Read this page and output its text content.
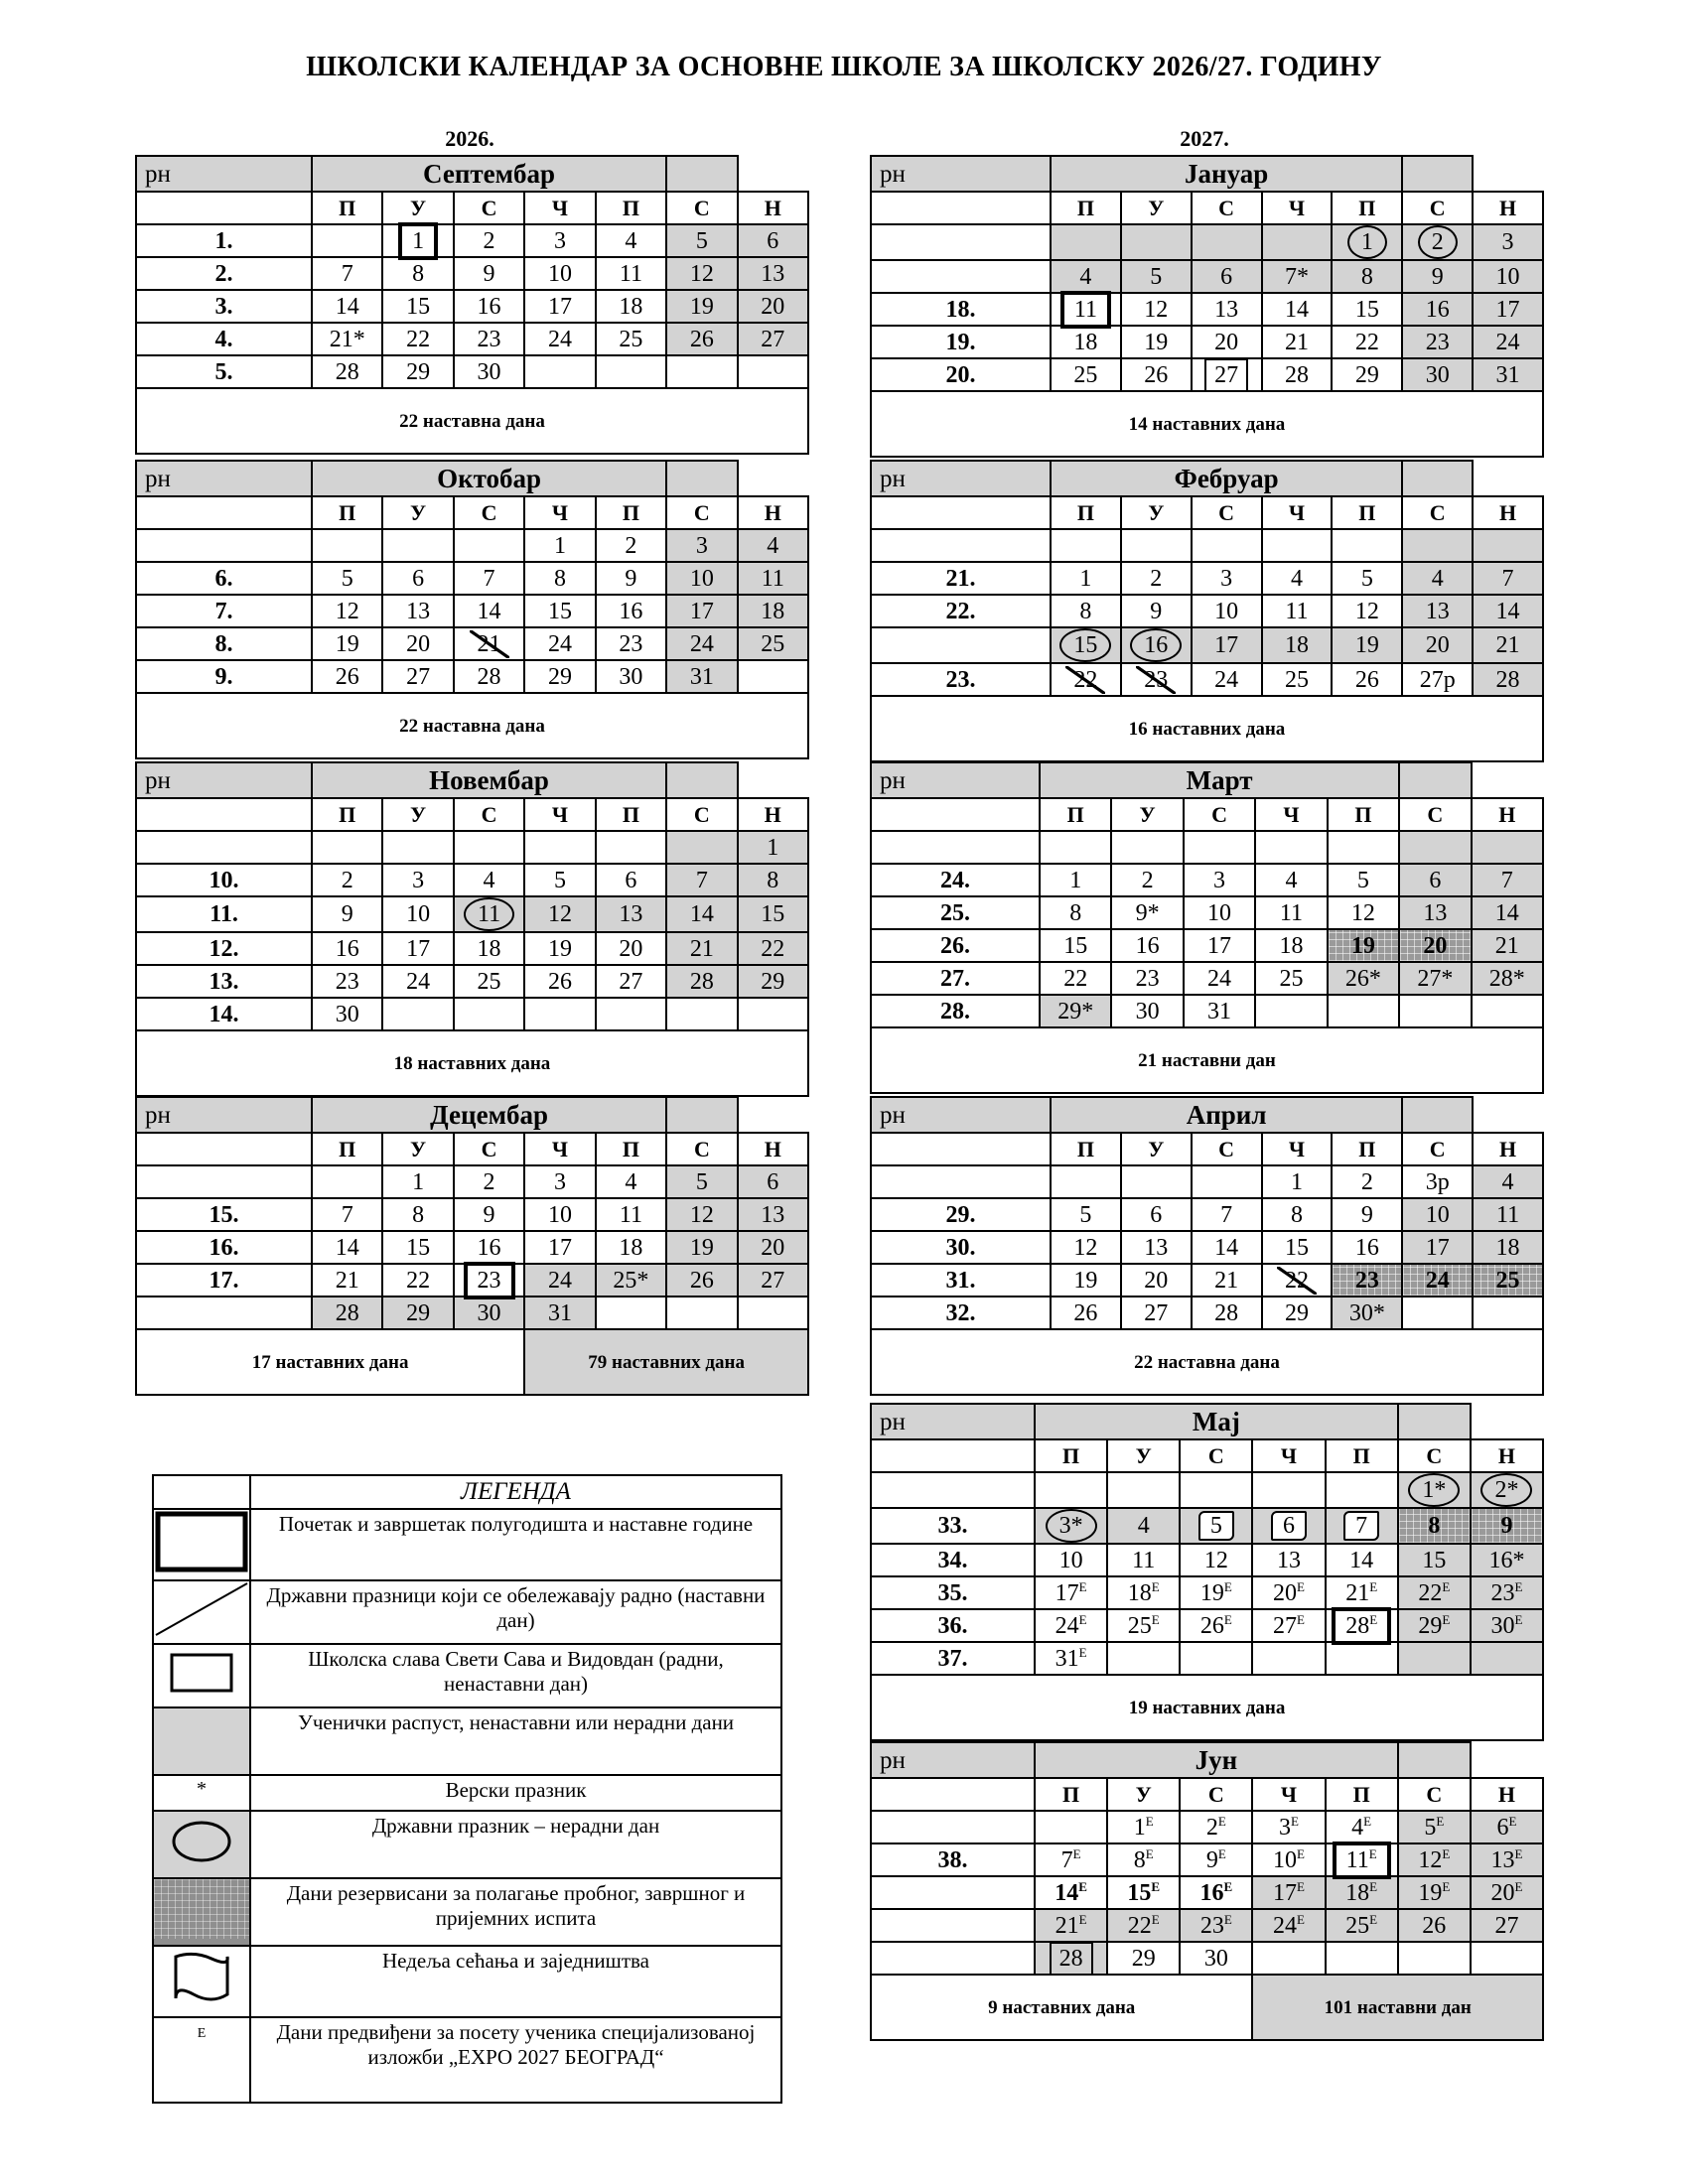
ШКОЛСКИ КАЛЕНДАР ЗА ОСНОВНЕ ШКОЛЕ ЗА ШКОЛСКУ 2026/27. ГОДИНУ
2026.	2027.
рн	Септембар						
	П	У	С	Ч	П	С	Н
1.		1	2	3	4	5	6
2.	7	8	9	10	11	12	13
3.	14	15	16	17	18	19	20
4.	21*	22	23	24	25	26	27
5.	28	29	30				
22 наставна дана							
рн	Октобар						
	П	У	С	Ч	П	С	Н
				1	2	3	4
6.	5	6	7	8	9	10	11
7.	12	13	14	15	16	17	18
8.	19	20	21	24	23	24	25
9.	26	27	28	29	30	31	
22 наставна дана							
рн	Новембар						
	П	У	С	Ч	П	С	Н
							1
10.	2	3	4	5	6	7	8
11.	9	10	11	12	13	14	15
12.	16	17	18	19	20	21	22
13.	23	24	25	26	27	28	29
14.	30						
18 наставних дана							
рн	Децембар						
	П	У	С	Ч	П	С	Н
		1	2	3	4	5	6
15.	7	8	9	10	11	12	13
16.	14	15	16	17	18	19	20
17.	21	22	23	24	25*	26	27
	28	29	30	31			
17 наставних дана				79 наставних дана			
рн	Јануар						
	П	У	С	Ч	П	С	Н
					1	2	3
	4	5	6	7*	8	9	10
18.	11	12	13	14	15	16	17
19.	18	19	20	21	22	23	24
20.	25	26	27	28	29	30	31
14 наставних дана							
рн	Фебруар						
	П	У	С	Ч	П	С	Н

21.	1	2	3	4	5	4	7
22.	8	9	10	11	12	13	14
	15	16	17	18	19	20	21
23.	22	23	24	25	26	27р	28
16 наставних дана							
рн	Март						
	П	У	С	Ч	П	С	Н

24.	1	2	3	4	5	6	7
25.	8	9*	10	11	12	13	14
26.	15	16	17	18	19	20	21
27.	22	23	24	25	26*	27*	28*
28.	29*	30	31				
21 наставни дан							
рн	Април						
	П	У	С	Ч	П	С	Н
				1	2	3р	4
29.	5	6	7	8	9	10	11
30.	12	13	14	15	16	17	18
31.	19	20	21	22	23	24	25
32.	26	27	28	29	30*		
22 наставна дана							
рн	Мај						
	П	У	С	Ч	П	С	Н
						1*	2*
33.	3*	4	5	6	7	8	9
34.	10	11	12	13	14	15	16*
35.	$17^Е$	$18^Е$	$19^Е$	$20^Е$	$21^Е$	$22^Е$	$23^Е$
36.	$24^Е$	$25^Е$	$26^Е$	$27^Е$	$28^Е$	$29^Е$	$30^Е$
37.	$31^Е$						
19 наставних дана							
рн	Јун						
	П	У	С	Ч	П	С	Н
		$1^Е$	$2^Е$	$3^Е$	$4^Е$	$5^Е$	$6^Е$
38.	$7^Е$	$8^Е$	$9^Е$	$10^Е$	$11^Е$	$12^Е$	$13^Е$
	$14^Е$	$15^Е$	$16^Е$	$17^Е$	$18^Е$	$19^Е$	$20^Е$
	$21^Е$	$22^Е$	$23^Е$	$24^Е$	$25^Е$	26	27
	28	29	30				
9 наставних дана				101 наставни дан			
	ЛЕГЕНДА
	Почетак и завршетак полугодишта и наставне године
	Државни празници који се обележавају радно (наставни дан)
	Школска слава Свети Сава и Видовдан (радни, ненаставни дан)
	Ученички распуст, ненаставни или нерадни дани
*	Верски празник
	Државни празник – нерадни дан
	Дани резервисани за полагање пробног, завршног и пријемних испита
	Недеља сећања и заједништва
Е	Дани предвиђени за посету ученика специјализованој изложби „EXPO 2027 БЕОГРАД“
